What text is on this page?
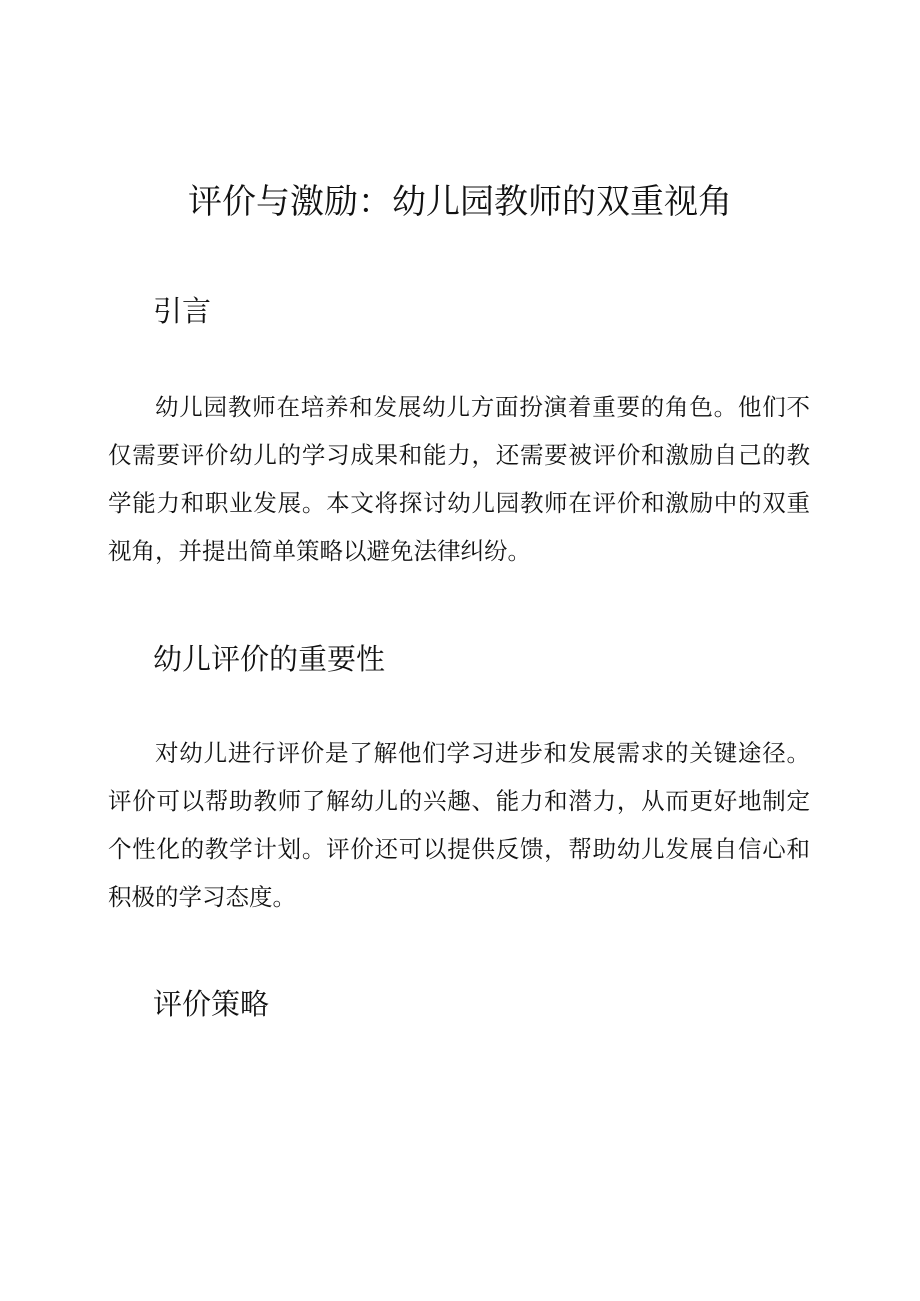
评价与激励：幼儿园教师的双重视角
引言

幼儿园教师在培养和发展幼儿方面扮演着重要的角色。他们不仅需要评价幼儿的学习成果和能力，还需要被评价和激励自己的教学能力和职业发展。本文将探讨幼儿园教师在评价和激励中的双重视角，并提出简单策略以避免法律纠纷。

幼儿评价的重要性

对幼儿进行评价是了解他们学习进步和发展需求的关键途径。评价可以帮助教师了解幼儿的兴趣、能力和潜力，从而更好地制定个性化的教学计划。评价还可以提供反馈，帮助幼儿发展自信心和积极的学习态度。

评价策略
